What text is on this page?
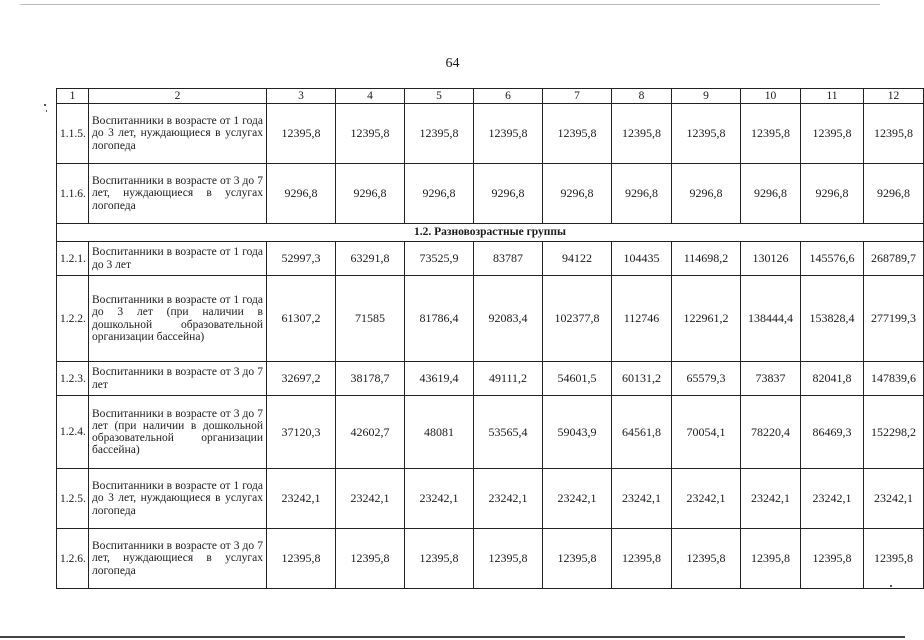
64
1	2	3	4	5	6	7	8	9	10	11	12
1.1.5.	Воспитанники в возрасте от 1 года до 3 лет, нуждающиеся в услугах логопеда	12395,8	12395,8	12395,8	12395,8	12395,8	12395,8	12395,8	12395,8	12395,8	12395,8
1.1.6.	Воспитанники в возрасте от 3 до 7 лет, нуждающиеся в услугах логопеда	9296,8	9296,8	9296,8	9296,8	9296,8	9296,8	9296,8	9296,8	9296,8	9296,8
1.2. Разновозрастные группы											
1.2.1.	Воспитанники в возрасте от 1 года до 3 лет	52997,3	63291,8	73525,9	83787	94122	104435	114698,2	130126	145576,6	268789,7
1.2.2.	Воспитанники в возрасте от 1 года до 3 лет (при наличии в дошкольной образовательной организации бассейна)	61307,2	71585	81786,4	92083,4	102377,8	112746	122961,2	138444,4	153828,4	277199,3
1.2.3.	Воспитанники в возрасте от 3 до 7 лет	32697,2	38178,7	43619,4	49111,2	54601,5	60131,2	65579,3	73837	82041,8	147839,6
1.2.4.	Воспитанники в возрасте от 3 до 7 лет (при наличии в дошкольной образовательной организации бассейна)	37120,3	42602,7	48081	53565,4	59043,9	64561,8	70054,1	78220,4	86469,3	152298,2
1.2.5.	Воспитанники в возрасте от 1 года до 3 лет, нуждающиеся в услугах логопеда	23242,1	23242,1	23242,1	23242,1	23242,1	23242,1	23242,1	23242,1	23242,1	23242,1
1.2.6.	Воспитанники в возрасте от 3 до 7 лет, нуждающиеся в услугах логопеда	12395,8	12395,8	12395,8	12395,8	12395,8	12395,8	12395,8	12395,8	12395,8	12395,8
